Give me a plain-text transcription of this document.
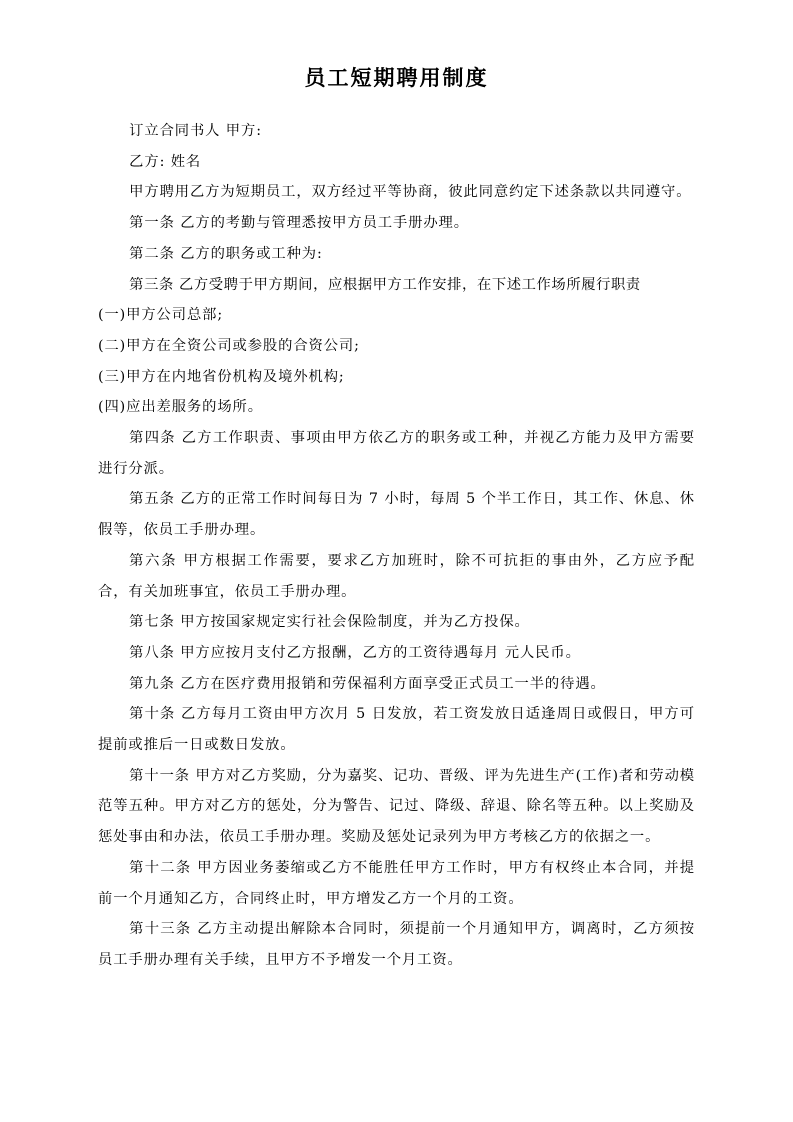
员工短期聘用制度

订立合同书人 甲方:

乙方: 姓名

甲方聘用乙方为短期员工，双方经过平等协商，彼此同意约定下述条款以共同遵守。

第一条 乙方的考勤与管理悉按甲方员工手册办理。

第二条 乙方的职务或工种为:

第三条 乙方受聘于甲方期间，应根据甲方工作安排，在下述工作场所履行职责

(一)甲方公司总部;

(二)甲方在全资公司或参股的合资公司;

(三)甲方在内地省份机构及境外机构;

(四)应出差服务的场所。

第四条 乙方工作职责、事项由甲方依乙方的职务或工种，并视乙方能力及甲方需要进行分派。

第五条 乙方的正常工作时间每日为 7 小时，每周 5 个半工作日，其工作、休息、休假等，依员工手册办理。

第六条 甲方根据工作需要，要求乙方加班时，除不可抗拒的事由外，乙方应予配合，有关加班事宜，依员工手册办理。

第七条 甲方按国家规定实行社会保险制度，并为乙方投保。

第八条 甲方应按月支付乙方报酬，乙方的工资待遇每月 元人民币。

第九条 乙方在医疗费用报销和劳保福利方面享受正式员工一半的待遇。

第十条 乙方每月工资由甲方次月 5 日发放，若工资发放日适逢周日或假日，甲方可提前或推后一日或数日发放。

第十一条 甲方对乙方奖励，分为嘉奖、记功、晋级、评为先进生产(工作)者和劳动模范等五种。甲方对乙方的惩处，分为警告、记过、降级、辞退、除名等五种。以上奖励及惩处事由和办法，依员工手册办理。奖励及惩处记录列为甲方考核乙方的依据之一。

第十二条 甲方因业务萎缩或乙方不能胜任甲方工作时，甲方有权终止本合同，并提前一个月通知乙方，合同终止时，甲方增发乙方一个月的工资。

第十三条 乙方主动提出解除本合同时，须提前一个月通知甲方，调离时，乙方须按员工手册办理有关手续，且甲方不予增发一个月工资。
